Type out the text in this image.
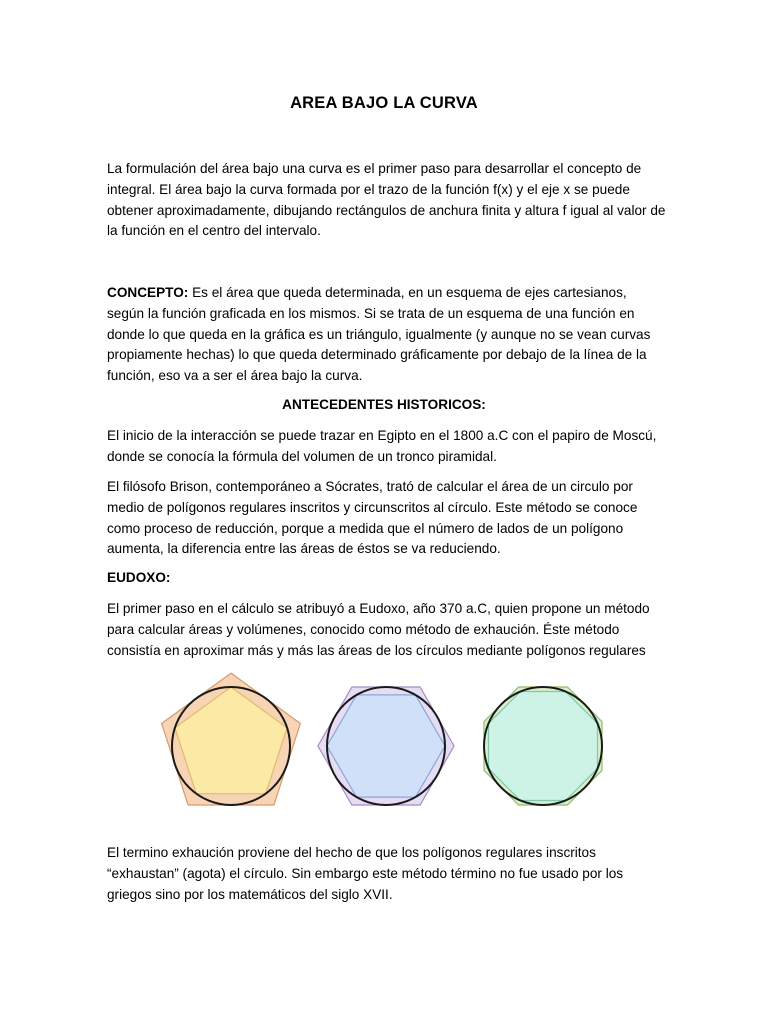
AREA BAJO LA CURVA
La formulación del área bajo una curva es el primer paso para desarrollar el concepto de integral. El área bajo la curva formada por el trazo de la función f(x) y el eje x se puede obtener aproximadamente, dibujando rectángulos de anchura finita y altura f igual al valor de la función en el centro del intervalo.
CONCEPTO: Es el área que queda determinada, en un esquema de ejes cartesianos, según la función graficada en los mismos. Si se trata de un esquema de una función en donde lo que queda en la gráfica es un triángulo, igualmente (y aunque no se vean curvas propiamente hechas) lo que queda determinado gráficamente por debajo de la línea de la función, eso va a ser el área bajo la curva.
ANTECEDENTES HISTORICOS:
El inicio de la interacción se puede trazar en Egipto en el 1800 a.C con el papiro de Moscú, donde se conocía la fórmula del volumen de un tronco piramidal.
El filósofo Brison, contemporáneo a Sócrates, trató de calcular el área de un circulo por medio de polígonos regulares inscritos y circunscritos al círculo. Este método se conoce como proceso de reducción, porque a medida que el número de lados de un polígono aumenta, la diferencia entre las áreas de éstos se va reduciendo.
EUDOXO:
El primer paso en el cálculo se atribuyó a Eudoxo, año 370 a.C, quien propone un método para calcular áreas y volúmenes, conocido como método de exhaución. Éste método consistía en aproximar más y más las áreas de los círculos mediante polígonos regulares
El termino exhaución proviene del hecho de que los polígonos regulares inscritos “exhaustan” (agota) el círculo. Sin embargo este método término no fue usado por los griegos sino por los matemáticos del siglo XVII.
